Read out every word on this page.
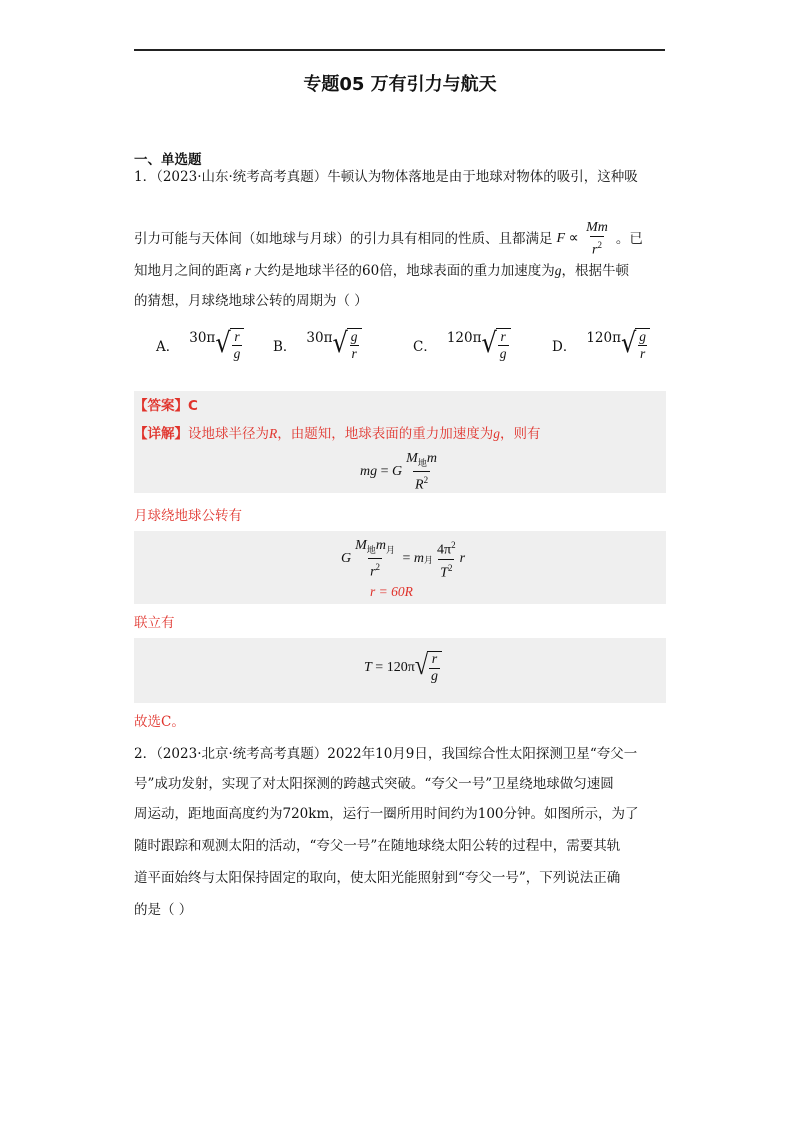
专题05 万有引力与航天
一、单选题
1．（2023·山东·统考高考真题）牛顿认为物体落地是由于地球对物体的吸引，这种吸
引力可能与天体间（如地球与月球）的引力具有相同的性质、且都满足 $F \propto \frac{Mm}{r^2}$ 。已
知地月之间的距离 r 大约是地球半径的60倍，地球表面的重力加速度为g，根据牛顿
的猜想，月球绕地球公转的周期为（ ）
A．
30π √ $\frac{r}{g}$ B．
30π √ $\frac{g}{r}$	C．
120π √ $\frac{r}{g}$	D．
120π √ $\frac{g}{r}$
【答案】C
【详解】设地球半径为R，由题知，地球表面的重力加速度为g，则有
mg = G $\frac{M_地m}{R^2}$
月球绕地球公转有
G $\frac{M_地m_月}{r^2} = m$ 月 $\frac{4\pi^2}{T^2}$ r
r = 60R
联立有
T = 120π √ $\frac{r}{g}$
故选C。
2．（2023·北京·统考高考真题）2022年10月9日，我国综合性太阳探测卫星“夸父一
号”成功发射，实现了对太阳探测的跨越式突破。“夸父一号”卫星绕地球做匀速圆
周运动，距地面高度约为720km，运行一圈所用时间约为100分钟。如图所示，为了
随时跟踪和观测太阳的活动，“夸父一号”在随地球绕太阳公转的过程中，需要其轨
道平面始终与太阳保持固定的取向，使太阳光能照射到“夸父一号”，下列说法正确
的是（ ）
